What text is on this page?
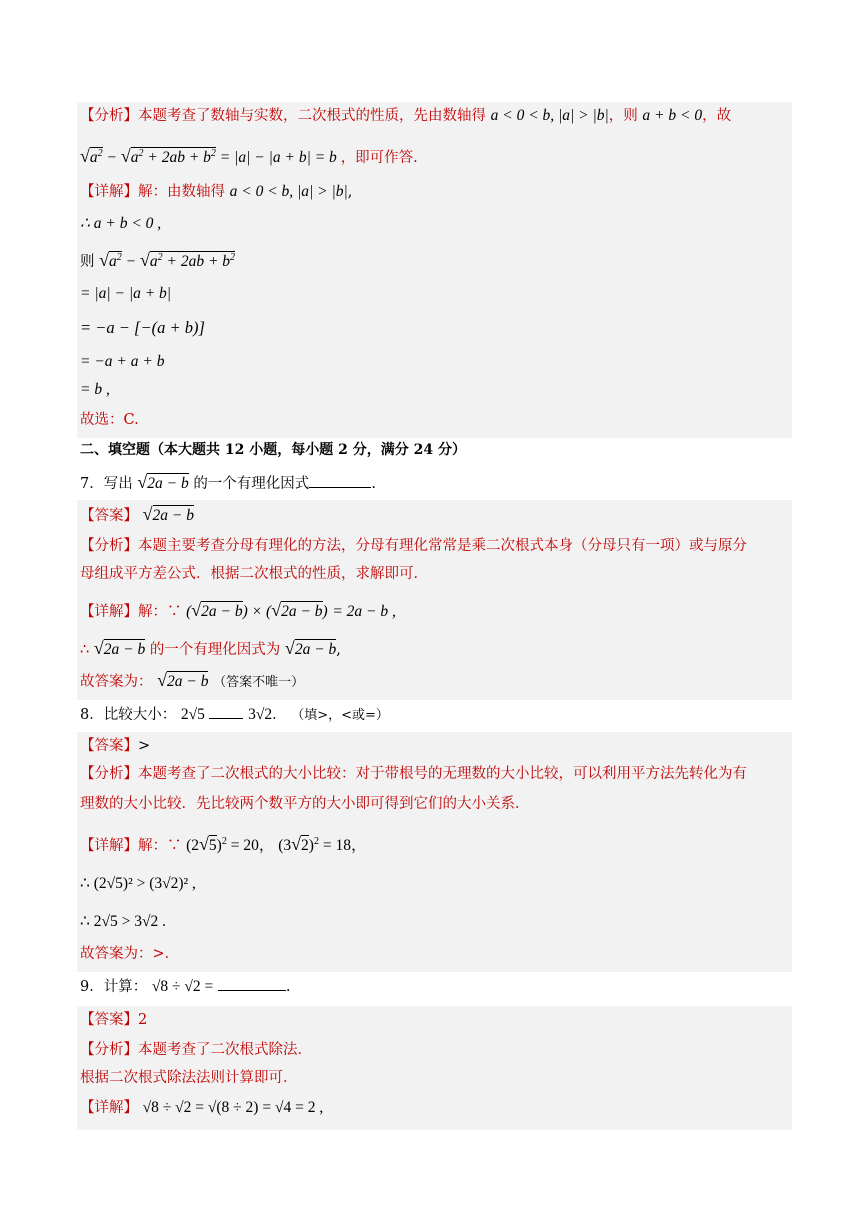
【分析】本题考查了数轴与实数，二次根式的性质，先由数轴得 a < 0 < b, |a| > |b|，则 a + b < 0，故
$√a^2 - √a^2 + 2ab + b^2 = |a| - |a + b| = b$ ，即可作答.
【详解】解：由数轴得 a < 0 < b, |a| > |b|,
∴ a + b < 0 ,
则 $√a^2 - √a^2 + 2ab + b^2$
= |a| − |a + b|
= −a − [−(a + b)]
= −a + a + b
= b ,
故选：C.
二、填空题（本大题共 12 小题，每小题 2 分，满分 24 分）
7．写出 √2a − b 的一个有理化因式	.
【答案】 √2a − b
【分析】本题主要考查分母有理化的方法，分母有理化常常是乘二次根式本身（分母只有一项）或与原分
母组成平方差公式．根据二次根式的性质，求解即可．
【详解】解：∵ (√2a − b) × (√2a − b) = 2a − b ,
∴ √2a − b 的一个有理化因式为 √2a − b,
故答案为： √2a − b （答案不唯一）
8．比较大小： 2√5	3√2． （填>，<或=）
【答案】>
【分析】本题考查了二次根式的大小比较：对于带根号的无理数的大小比较，可以利用平方法先转化为有
理数的大小比较．先比较两个数平方的大小即可得到它们的大小关系．
【详解】解：∵ $(2√5)^2 = 20$， $(3√2)^2 = 18$，
∴ (2√5)² > (3√2)² ,
∴ 2√5 > 3√2 .
故答案为：>．
9．计算： √8 ÷ √2 =	.
【答案】2
【分析】本题考查了二次根式除法．
根据二次根式除法法则计算即可．
【详解】 √8 ÷ √2 = √(8 ÷ 2) = √4 = 2 ,
